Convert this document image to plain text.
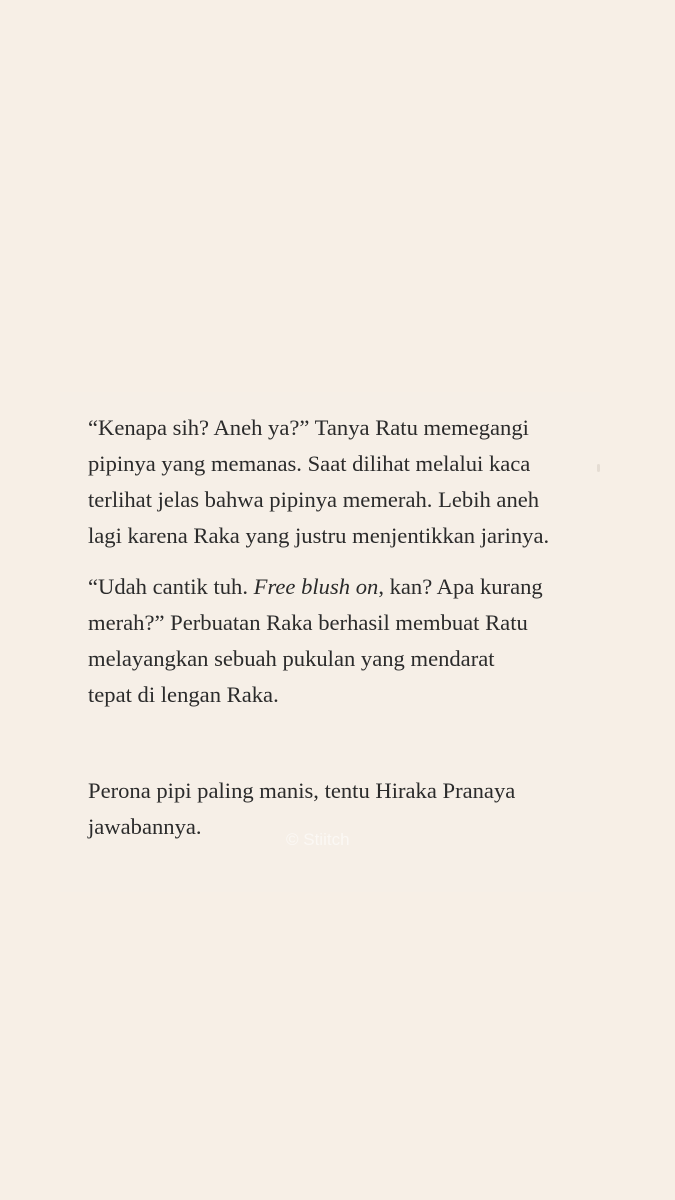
“Kenapa sih? Aneh ya?” Tanya Ratu memegangi
pipinya yang memanas. Saat dilihat melalui kaca
terlihat jelas bahwa pipinya memerah. Lebih aneh
lagi karena Raka yang justru menjentikkan jarinya.
“Udah cantik tuh. Free blush on, kan? Apa kurang
merah?” Perbuatan Raka berhasil membuat Ratu
melayangkan sebuah pukulan yang mendarat
tepat di lengan Raka.
Perona pipi paling manis, tentu Hiraka Pranaya
jawabannya.
© Stiitch
